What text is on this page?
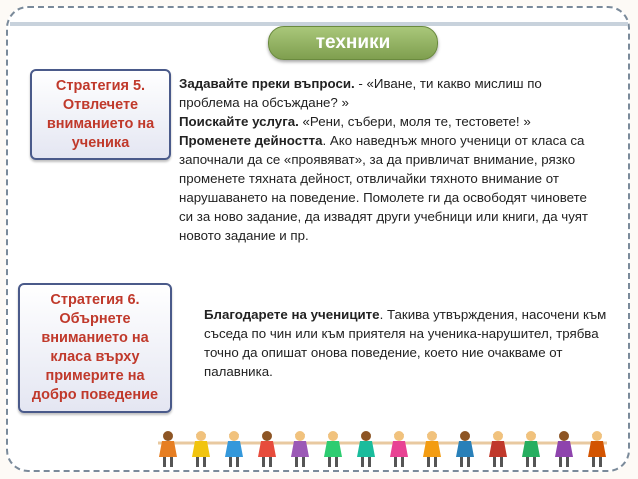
техники
Стратегия 5.
Отвлечете
вниманието на
ученика
Задавайте преки въпроси. - «Иване, ти какво мислиш по проблема на обсъждане? »
Поискайте услуга. «Рени, събери, моля те, тестовете! »
Променете дейността. Ако наведнъж много ученици от класа са започнали да се «проявяват», за да привличат внимание, рязко променете тяхната дейност, отвличайки тяхното внимание от нарушаването на поведение. Помолете ги да освободят чиновете си за ново задание, да извадят други учебници или книги, да чуят новото задание и пр.
Стратегия 6.
Обърнете
вниманието на
класа върху
примерите на
добро поведение
Благодарете на учениците. Такива утвърждения, насочени към съседа по чин или към приятеля на ученика-нарушител, трябва точно да опишат онова поведение, което ние очакваме от палавника.
